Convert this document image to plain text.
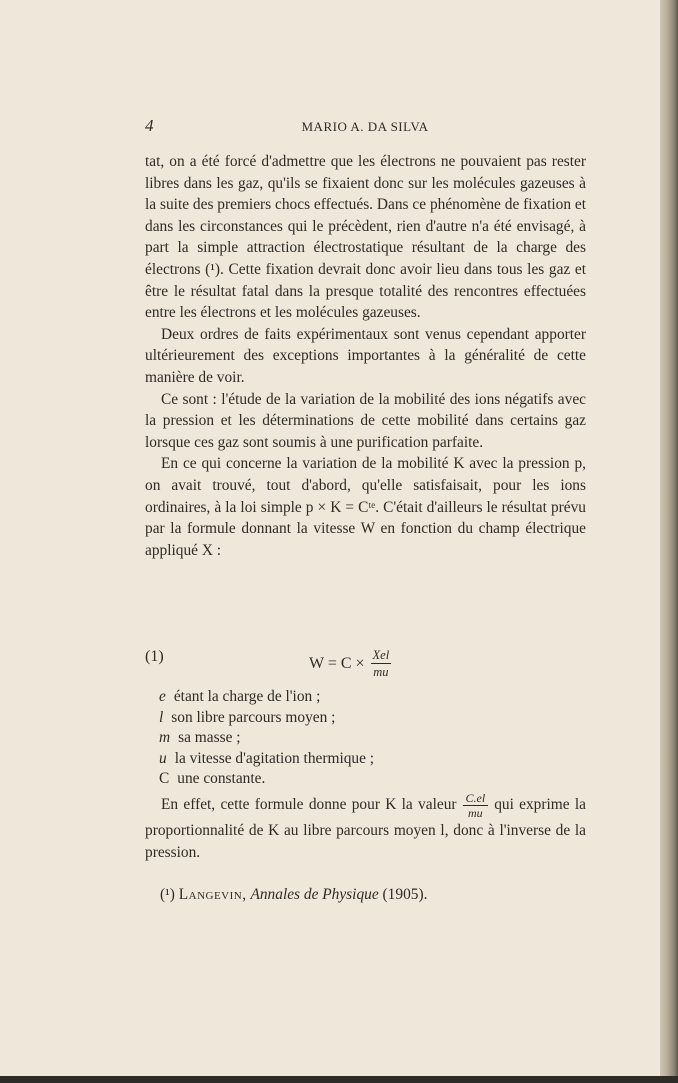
4	MARIO A. DA SILVA

tat, on a été forcé d'admettre que les électrons ne pouvaient pas rester libres dans les gaz, qu'ils se fixaient donc sur les molécules gazeuses à la suite des premiers chocs effectués. Dans ce phénomène de fixation et dans les circonstances qui le précèdent, rien d'autre n'a été envisagé, à part la simple attraction électrostatique résultant de la charge des électrons (¹). Cette fixation devrait donc avoir lieu dans tous les gaz et être le résultat fatal dans la presque totalité des rencontres effectuées entre les électrons et les molécules gazeuses.

Deux ordres de faits expérimentaux sont venus cependant apporter ultérieurement des exceptions importantes à la généralité de cette manière de voir.

Ce sont : l'étude de la variation de la mobilité des ions négatifs avec la pression et les déterminations de cette mobilité dans certains gaz lorsque ces gaz sont soumis à une purification parfaite.

En ce qui concerne la variation de la mobilité K avec la pression p, on avait trouvé, tout d'abord, qu'elle satisfaisait, pour les ions ordinaires, à la loi simple p × K = Cᵗᵉ. C'était d'ailleurs le résultat prévu par la formule donnant la vitesse W en fonction du champ électrique appliqué X :

(1)	$W = C \times \frac{\text{Xel}}{mu}$
e étant la charge de l'ion ;
l son libre parcours moyen ;
m sa masse ;
u la vitesse d'agitation thermique ;
C une constante.
En effet, cette formule donne pour K la valeur $\frac{C.el}{mu}$ qui exprime la proportionnalité de K au libre parcours moyen l, donc à l'inverse de la pression.
(¹) Langevin, Annales de Physique (1905).
